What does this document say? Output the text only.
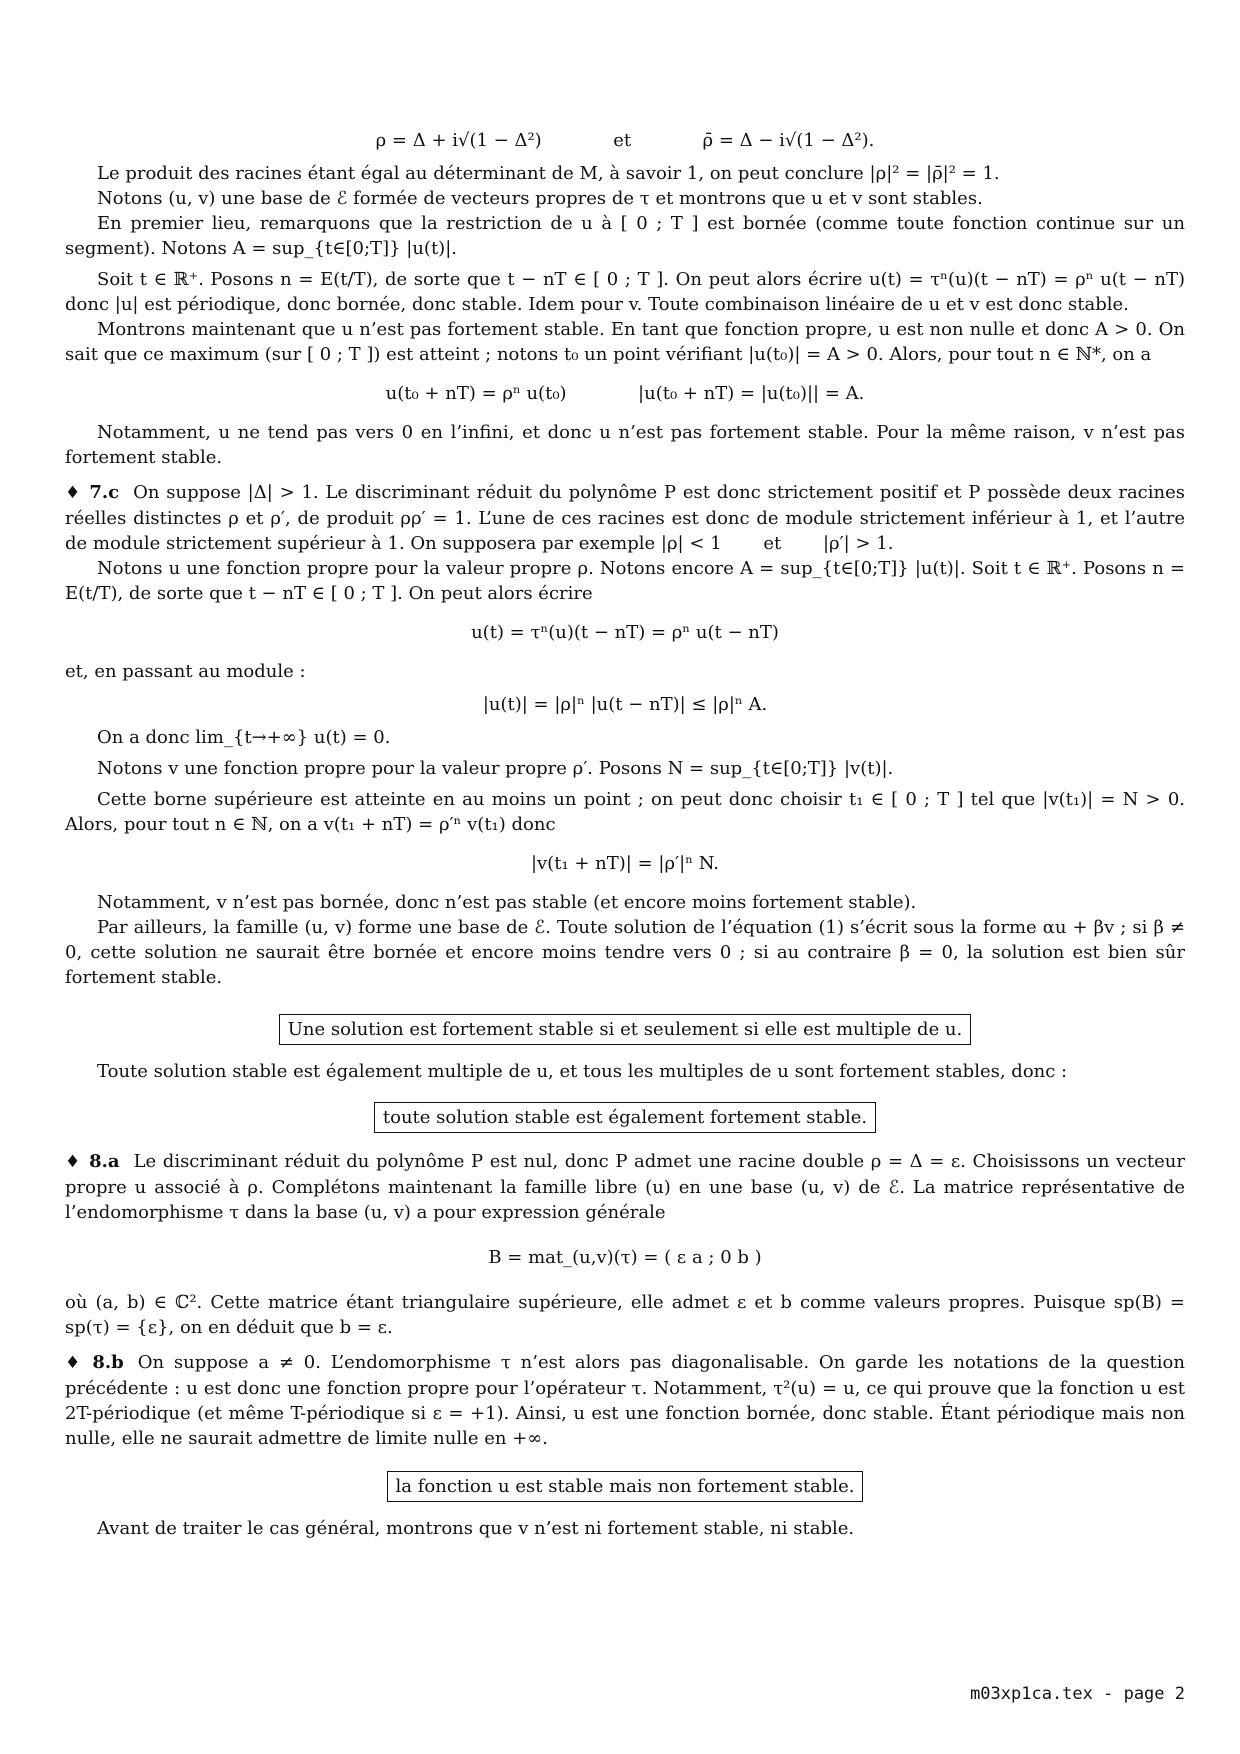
ρ = Δ + i√(1 − Δ²)	et	ρ̄ = Δ − i√(1 − Δ²).

Le produit des racines étant égal au déterminant de M, à savoir 1, on peut conclure |ρ|² = |ρ̄|² = 1.

Notons (u, v) une base de ℰ formée de vecteurs propres de τ et montrons que u et v sont stables.

En premier lieu, remarquons que la restriction de u à [ 0 ; T ] est bornée (comme toute fonction continue sur un segment). Notons A = sup_{t∈[0;T]} |u(t)|.

Soit t ∈ ℝ⁺. Posons n = E(t/T), de sorte que t − nT ∈ [ 0 ; T ]. On peut alors écrire u(t) = τⁿ(u)(t − nT) = ρⁿ u(t − nT) donc |u| est périodique, donc bornée, donc stable. Idem pour v. Toute combinaison linéaire de u et v est donc stable.

Montrons maintenant que u n’est pas fortement stable. En tant que fonction propre, u est non nulle et donc A > 0. On sait que ce maximum (sur [ 0 ; T ]) est atteint ; notons t₀ un point vérifiant |u(t₀)| = A > 0. Alors, pour tout n ∈ ℕ*, on a

u(t₀ + nT) = ρⁿ u(t₀)	|u(t₀ + nT) = |u(t₀)|| = A.

Notamment, u ne tend pas vers 0 en l’infini, et donc u n’est pas fortement stable. Pour la même raison, v n’est pas fortement stable.

♦ 7.c On suppose |Δ| > 1. Le discriminant réduit du polynôme P est donc strictement positif et P possède deux racines réelles distinctes ρ et ρ′, de produit ρρ′ = 1. L’une de ces racines est donc de module strictement inférieur à 1, et l’autre de module strictement supérieur à 1. On supposera par exemple |ρ| < 1 et |ρ′| > 1.

Notons u une fonction propre pour la valeur propre ρ. Notons encore A = sup_{t∈[0;T]} |u(t)|. Soit t ∈ ℝ⁺. Posons n = E(t/T), de sorte que t − nT ∈ [ 0 ; T ]. On peut alors écrire

u(t) = τⁿ(u)(t − nT) = ρⁿ u(t − nT)

et, en passant au module :

|u(t)| = |ρ|ⁿ |u(t − nT)| ≤ |ρ|ⁿ A.

On a donc lim_{t→+∞} u(t) = 0.

Notons v une fonction propre pour la valeur propre ρ′. Posons N = sup_{t∈[0;T]} |v(t)|.

Cette borne supérieure est atteinte en au moins un point ; on peut donc choisir t₁ ∈ [ 0 ; T ] tel que |v(t₁)| = N > 0. Alors, pour tout n ∈ ℕ, on a v(t₁ + nT) = ρ′ⁿ v(t₁) donc

|v(t₁ + nT)| = |ρ′|ⁿ N.

Notamment, v n’est pas bornée, donc n’est pas stable (et encore moins fortement stable).

Par ailleurs, la famille (u, v) forme une base de ℰ. Toute solution de l’équation (1) s’écrit sous la forme αu + βv ; si β ≠ 0, cette solution ne saurait être bornée et encore moins tendre vers 0 ; si au contraire β = 0, la solution est bien sûr fortement stable.

Une solution est fortement stable si et seulement si elle est multiple de u.

Toute solution stable est également multiple de u, et tous les multiples de u sont fortement stables, donc :

toute solution stable est également fortement stable.

♦ 8.a Le discriminant réduit du polynôme P est nul, donc P admet une racine double ρ = Δ = ε. Choisissons un vecteur propre u associé à ρ. Complétons maintenant la famille libre (u) en une base (u, v) de ℰ. La matrice représentative de l’endomorphisme τ dans la base (u, v) a pour expression générale

B = mat_(u,v)(τ) = ( ε a ; 0 b )

où (a, b) ∈ ℂ². Cette matrice étant triangulaire supérieure, elle admet ε et b comme valeurs propres. Puisque sp(B) = sp(τ) = {ε}, on en déduit que b = ε.

♦ 8.b On suppose a ≠ 0. L’endomorphisme τ n’est alors pas diagonalisable. On garde les notations de la question précédente : u est donc une fonction propre pour l’opérateur τ. Notamment, τ²(u) = u, ce qui prouve que la fonction u est 2T-périodique (et même T-périodique si ε = +1). Ainsi, u est une fonction bornée, donc stable. Étant périodique mais non nulle, elle ne saurait admettre de limite nulle en +∞.

la fonction u est stable mais non fortement stable.

Avant de traiter le cas général, montrons que v n’est ni fortement stable, ni stable.

m03xp1ca.tex - page 2
